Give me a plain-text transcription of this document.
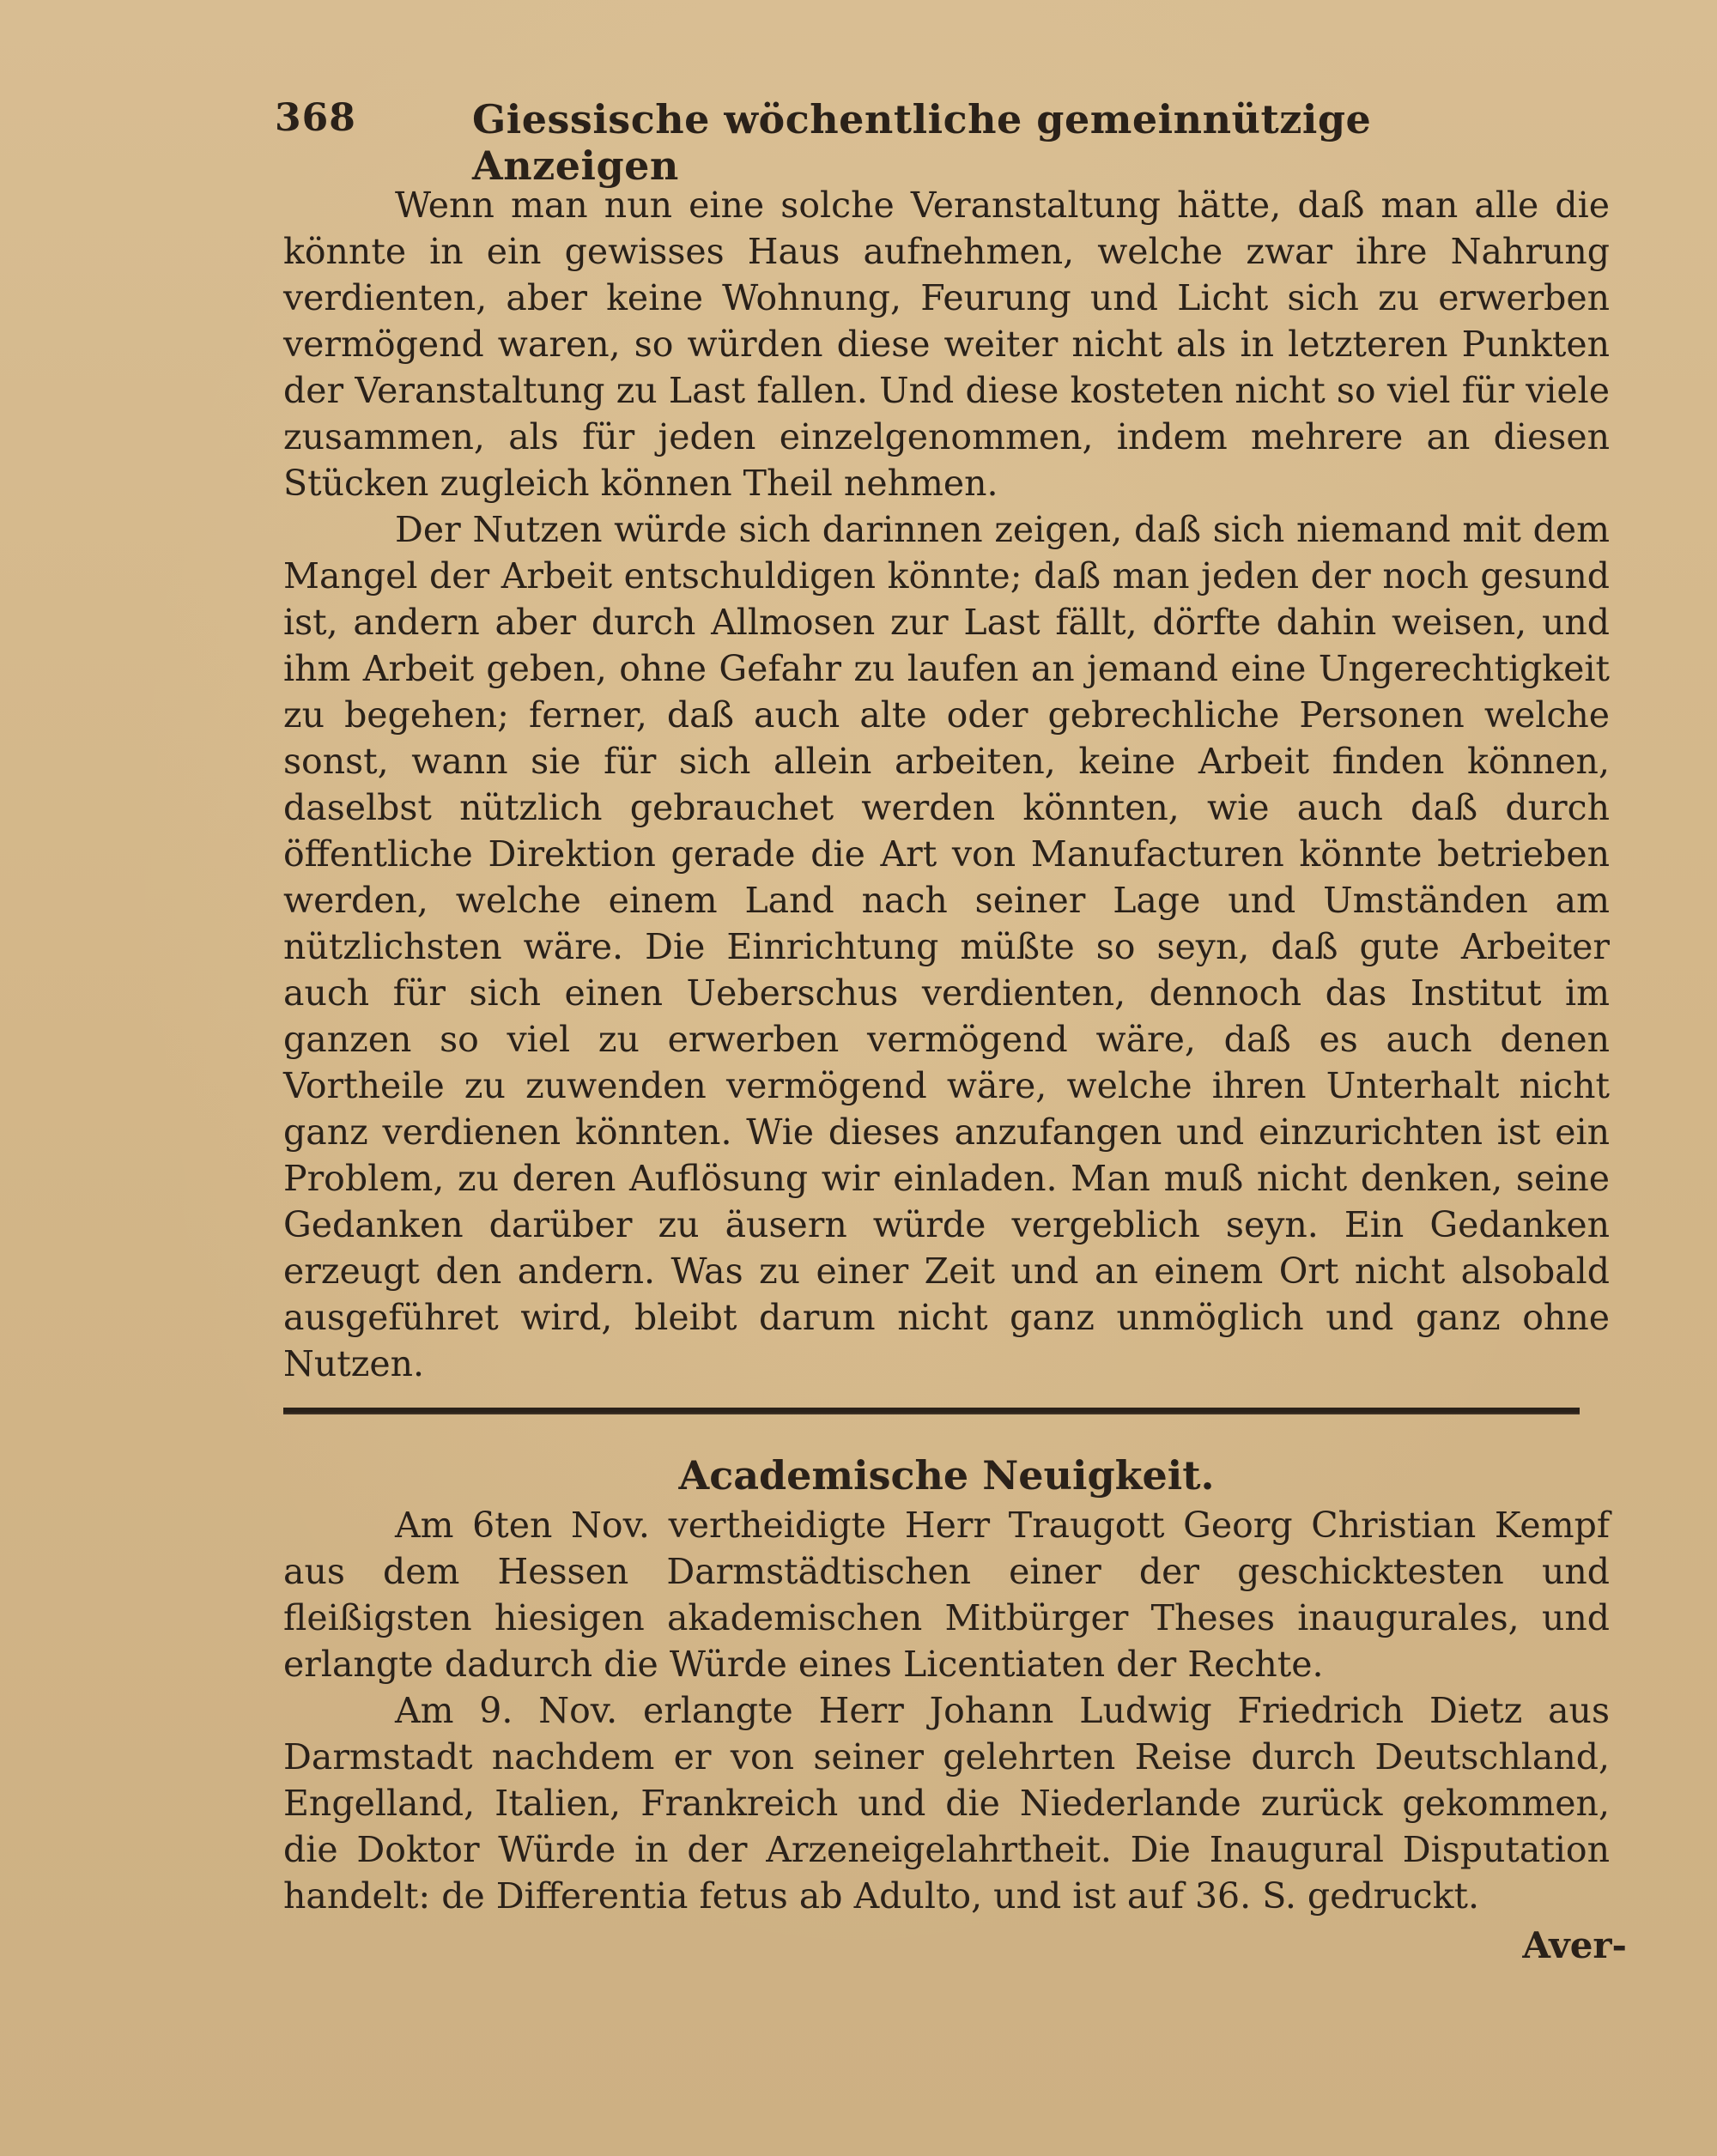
368	Giessische wöchentliche gemeinnützige Anzeigen

Wenn man nun eine solche Veranstaltung hätte, daß man alle die könnte in ein gewisses Haus aufnehmen, welche zwar ihre Nahrung verdienten, aber keine Wohnung, Feurung und Licht sich zu erwerben vermögend waren, so würden diese weiter nicht als in letzteren Punkten der Veranstaltung zu Last fallen. Und diese kosteten nicht so viel für viele zusammen, als für jeden einzelgenommen, indem mehrere an diesen Stücken zugleich können Theil nehmen.

Der Nutzen würde sich darinnen zeigen, daß sich niemand mit dem Mangel der Arbeit entschuldigen könnte; daß man jeden der noch gesund ist, andern aber durch Allmosen zur Last fällt, dörfte dahin weisen, und ihm Arbeit geben, ohne Gefahr zu laufen an jemand eine Ungerechtigkeit zu begehen; ferner, daß auch alte oder gebrechliche Personen welche sonst, wann sie für sich allein arbeiten, keine Arbeit finden können, daselbst nützlich gebrauchet werden könnten, wie auch daß durch öffentliche Direktion gerade die Art von Manufacturen könnte betrieben werden, welche einem Land nach seiner Lage und Umständen am nützlichsten wäre. Die Einrichtung müßte so seyn, daß gute Arbeiter auch für sich einen Ueberschus verdienten, dennoch das Institut im ganzen so viel zu erwerben vermögend wäre, daß es auch denen Vortheile zu zuwenden vermögend wäre, welche ihren Unterhalt nicht ganz verdienen könnten. Wie dieses anzufangen und einzurichten ist ein Problem, zu deren Auflösung wir einladen. Man muß nicht denken, seine Gedanken darüber zu äusern würde vergeblich seyn. Ein Gedanken erzeugt den andern. Was zu einer Zeit und an einem Ort nicht alsobald ausgeführet wird, bleibt darum nicht ganz unmöglich und ganz ohne Nutzen.

Academische Neuigkeit.

Am 6ten Nov. vertheidigte Herr Traugott Georg Christian Kempf aus dem Hessen Darmstädtischen einer der geschicktesten und fleißigsten hiesigen akademischen Mitbürger Theses inaugurales, und erlangte dadurch die Würde eines Licentiaten der Rechte.

Am 9. Nov. erlangte Herr Johann Ludwig Friedrich Dietz aus Darmstadt nachdem er von seiner gelehrten Reise durch Deutschland, Engelland, Italien, Frankreich und die Niederlande zurück gekommen, die Doktor Würde in der Arzeneigelahrtheit. Die Inaugural Disputation handelt: de Differentia fetus ab Adulto, und ist auf 36. S. gedruckt.

Aver-
